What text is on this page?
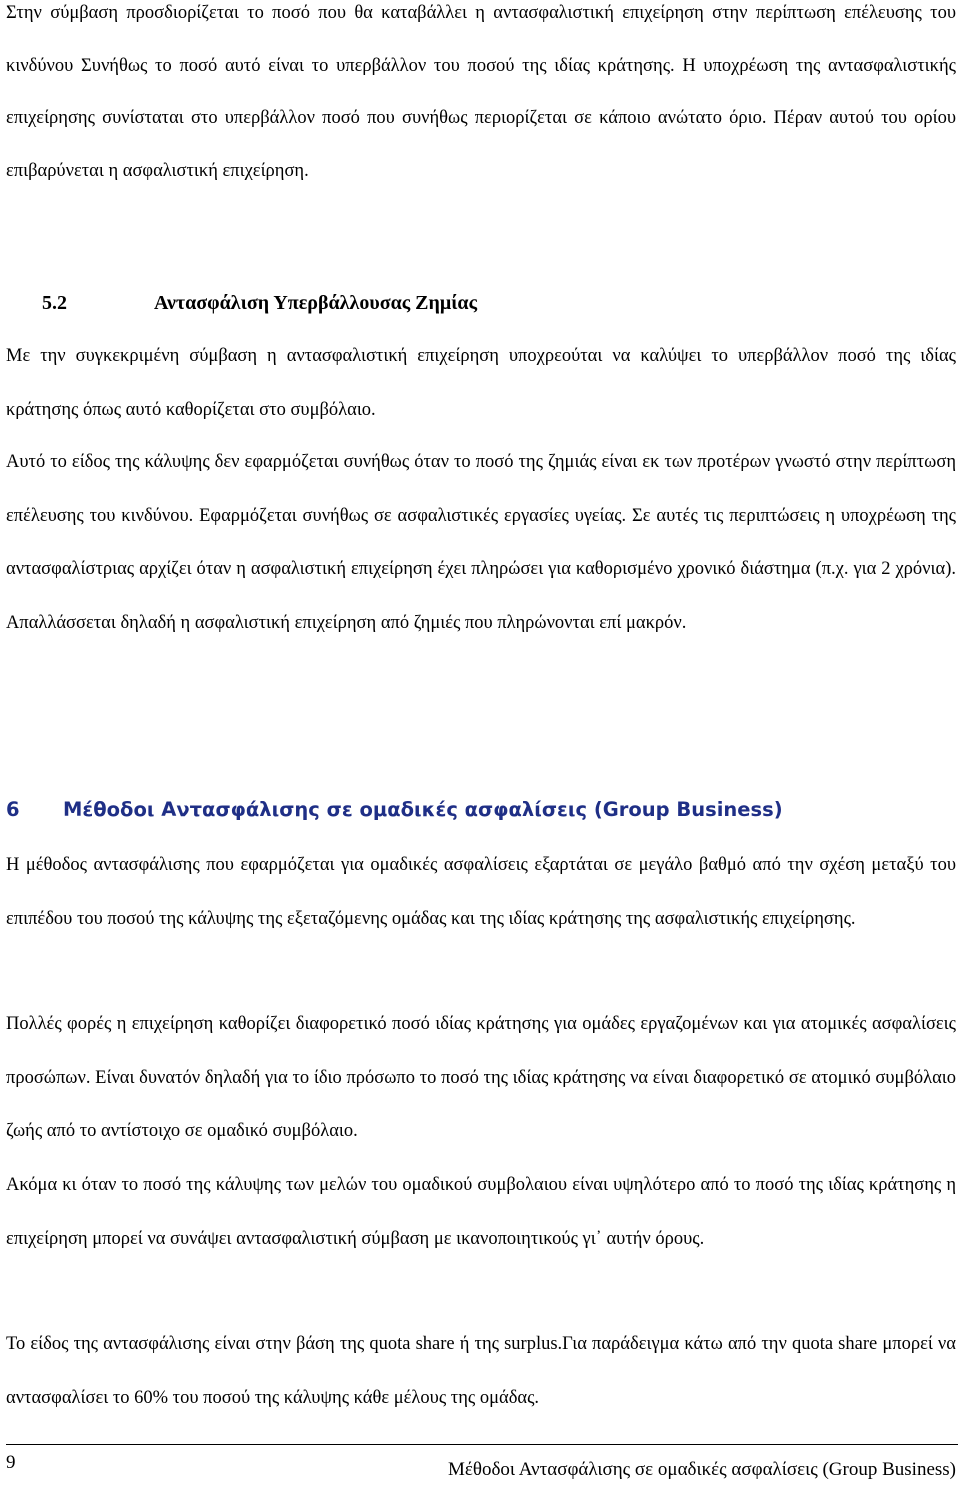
Στην σύμβαση προσδιορίζεται το ποσό που θα καταβάλλει η αντασφαλιστική επιχείρηση στην περίπτωση επέλευσης του κινδύνου Συνήθως το ποσό αυτό είναι το υπερβάλλον του ποσού της ιδίας κράτησης. Η υποχρέωση της αντασφαλιστικής επιχείρησης συνίσταται στο υπερβάλλον ποσό που συνήθως περιορίζεται σε κάποιο ανώτατο όριο. Πέραν αυτού του ορίου επιβαρύνεται η ασφαλιστική επιχείρηση.

5.2	Αντασφάλιση Υπερβάλλουσας Ζημίας

Με την συγκεκριμένη σύμβαση η αντασφαλιστική επιχείρηση υποχρεούται να καλύψει το υπερβάλλον ποσό της ιδίας κράτησης όπως αυτό καθορίζεται στο συμβόλαιο.

Αυτό το είδος της κάλυψης δεν εφαρμόζεται συνήθως όταν το ποσό της ζημιάς είναι εκ των προτέρων γνωστό στην περίπτωση επέλευσης του κινδύνου. Εφαρμόζεται συνήθως σε ασφαλιστικές εργασίες υγείας. Σε αυτές τις περιπτώσεις η υποχρέωση της αντασφαλίστριας αρχίζει όταν η ασφαλιστική επιχείρηση έχει πληρώσει για καθορισμένο χρονικό διάστημα (π.χ. για 2 χρόνια). Απαλλάσσεται δηλαδή η ασφαλιστική επιχείρηση από ζημιές που πληρώνονται επί μακρόν.

6 Μέθοδοι Αντασφάλισης σε ομαδικές ασφαλίσεις (Group Business)

Η μέθοδος αντασφάλισης που εφαρμόζεται για ομαδικές ασφαλίσεις εξαρτάται σε μεγάλο βαθμό από την σχέση μεταξύ του επιπέδου του ποσού της κάλυψης της εξεταζόμενης ομάδας και της ιδίας κράτησης της ασφαλιστικής επιχείρησης.

Πολλές φορές η επιχείρηση καθορίζει διαφορετικό ποσό ιδίας κράτησης για ομάδες εργαζομένων και για ατομικές ασφαλίσεις προσώπων. Είναι δυνατόν δηλαδή για το ίδιο πρόσωπο το ποσό της ιδίας κράτησης να είναι διαφορετικό σε ατομικό συμβόλαιο ζωής από το αντίστοιχο σε ομαδικό συμβόλαιο.

Ακόμα κι όταν το ποσό της κάλυψης των μελών του ομαδικού συμβολαιου είναι υψηλότερο από το ποσό της ιδίας κράτησης η επιχείρηση μπορεί να συνάψει αντασφαλιστική σύμβαση με ικανοποιητικούς γι᾽ αυτήν όρους.

Το είδος της αντασφάλισης είναι στην βάση της quota share ή της surplus.Για παράδειγμα κάτω από την quota share μπορεί να αντασφαλίσει το 60% του ποσού της κάλυψης κάθε μέλους της ομάδας.

9	Μέθοδοι Αντασφάλισης σε ομαδικές ασφαλίσεις (Group Business)
